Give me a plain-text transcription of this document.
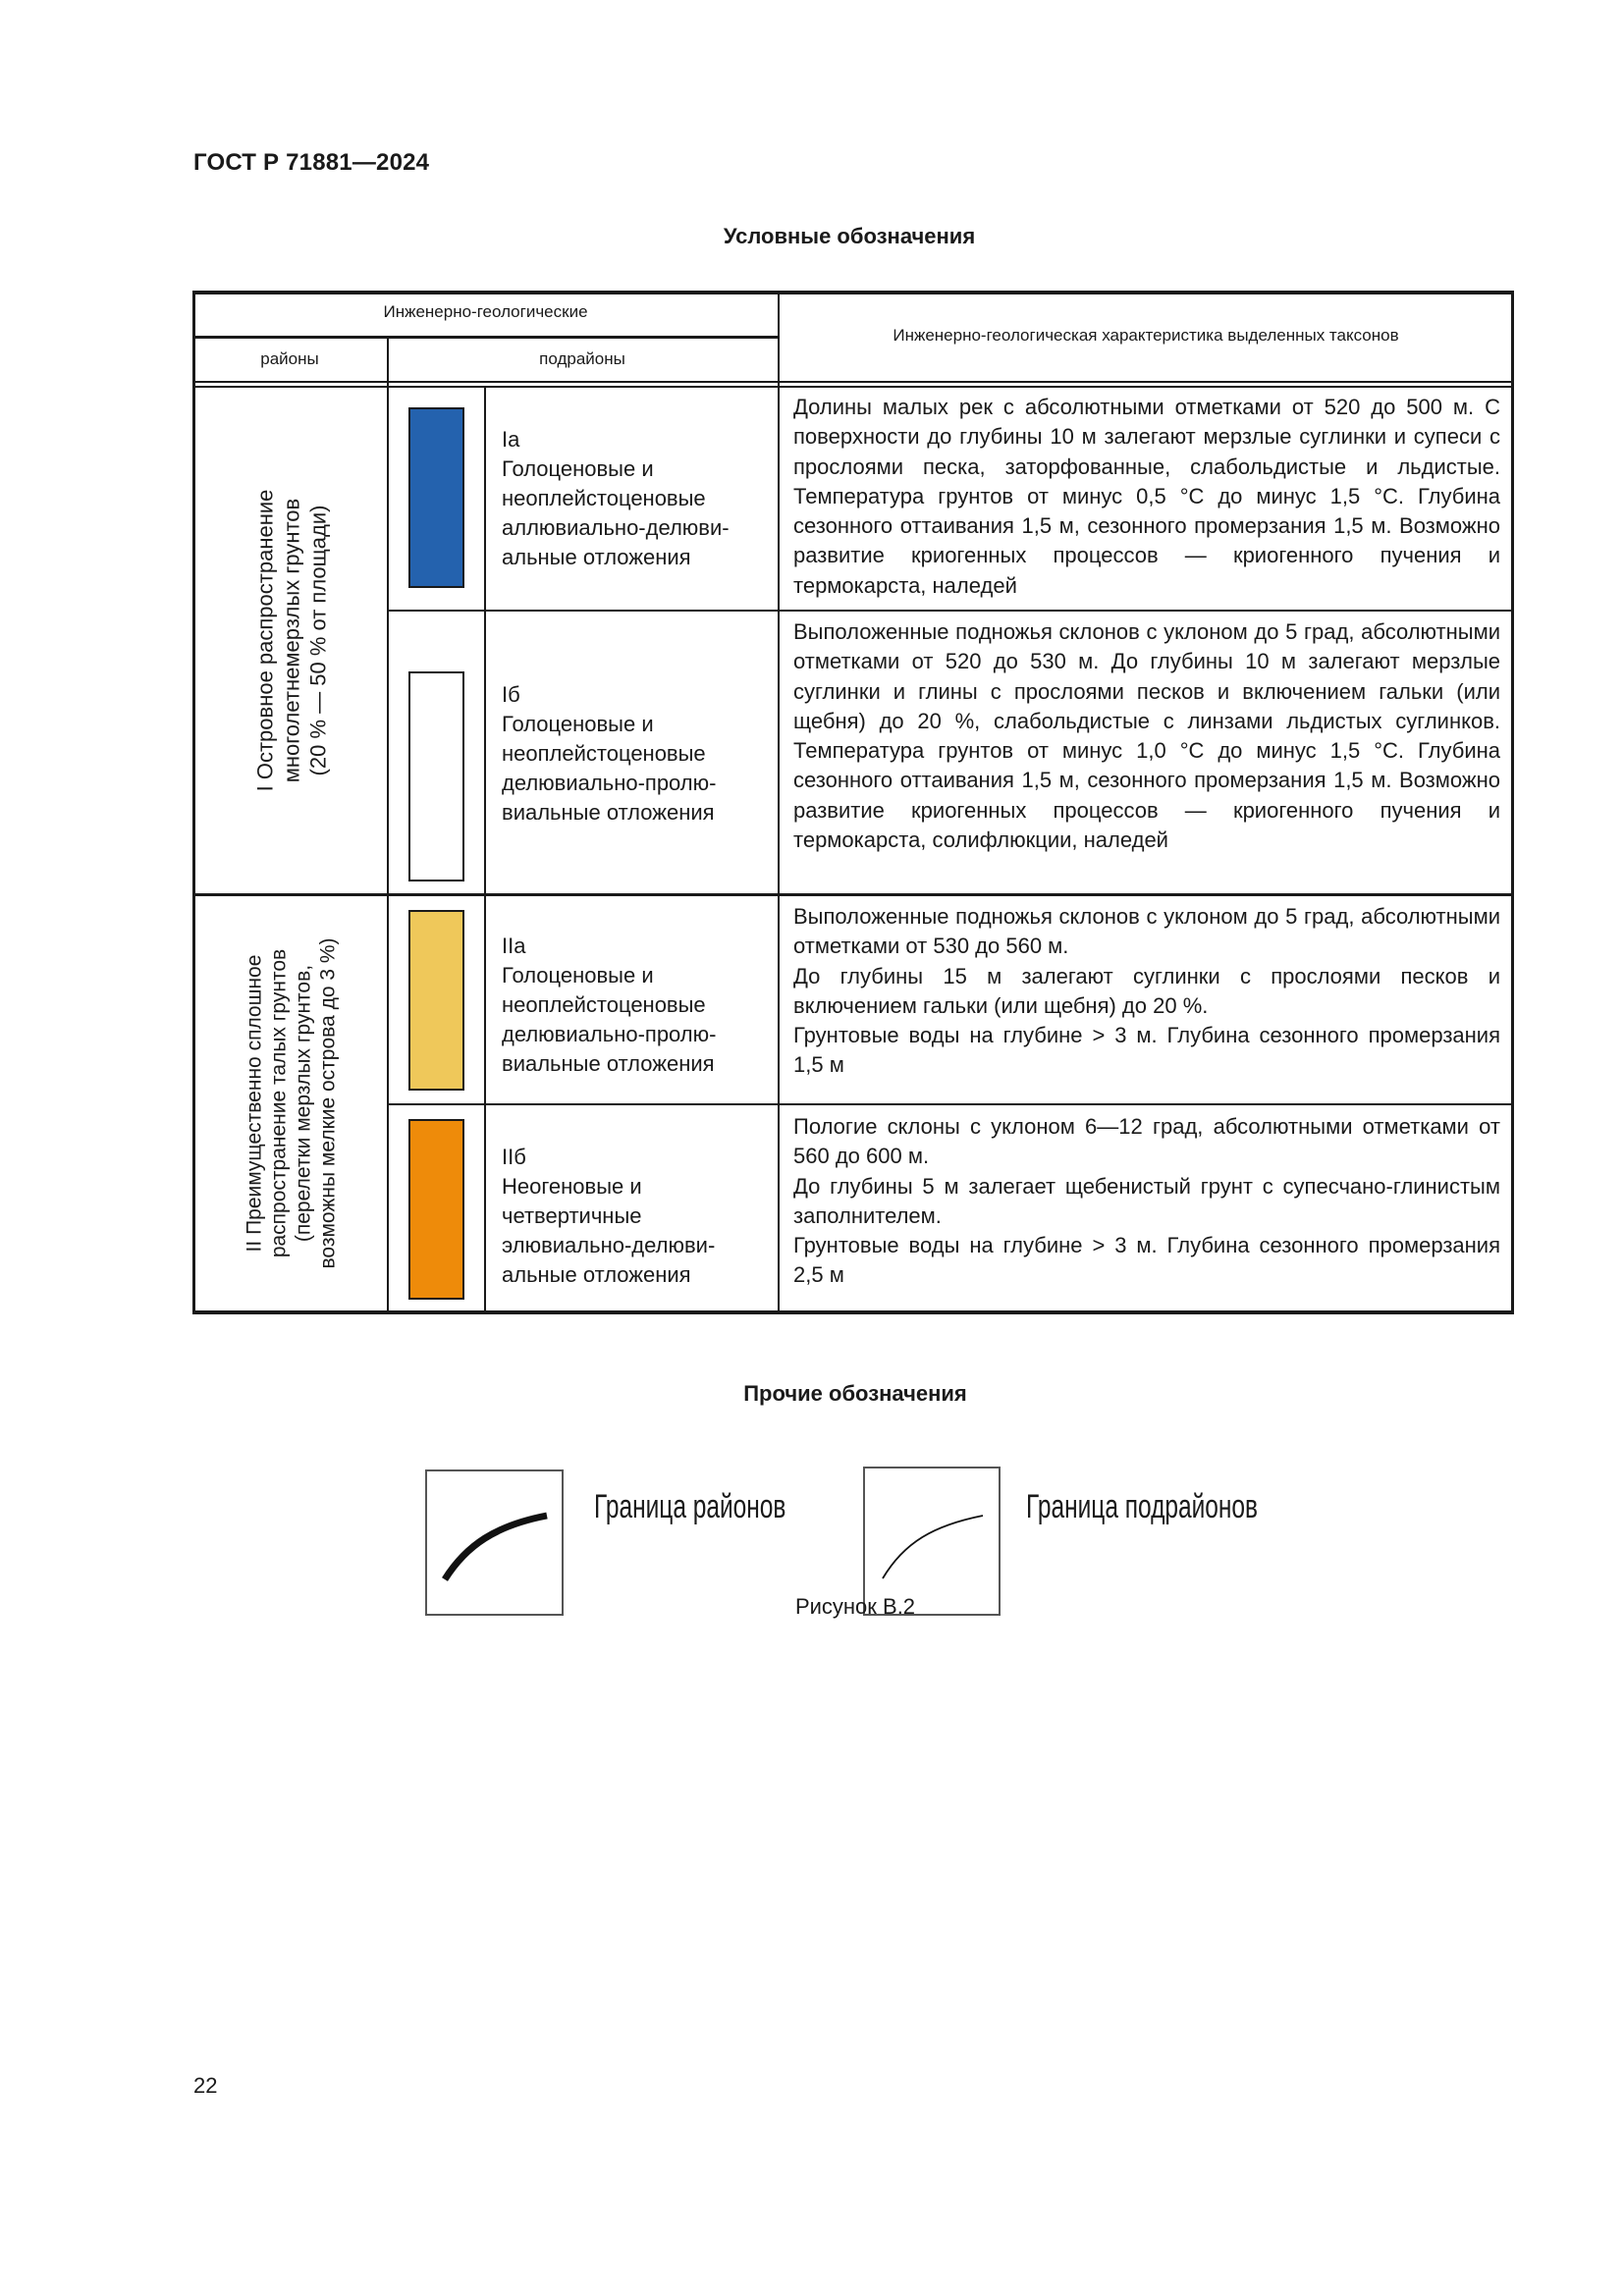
ГОСТ Р 71881—2024
Условные обозначения
Инженерно-геологические
районы	подрайоны
Инженерно-геологическая характеристика выделенных таксонов
I Островное распространение многолетнемерзлых грунтов (20 % — 50 % от площади)
II Преимущественно сплошное распространение талых грунтов (перелетки мерзлых грунтов, возможны мелкие острова до 3 %)
Iа
Голоценовые и
неоплейстоценовые
аллювиально-делюви-
альные отложения

Долины малых рек с абсолютными отметками от 520 до 500 м. С поверхности до глубины 10 м залегают мерзлые суглинки и супеси с прослоями песка, заторфованные, слабольдистые и льдистые. Температура грунтов от минус 0,5 °С до минус 1,5 °С. Глубина сезонного оттаивания 1,5 м, сезонного промерзания 1,5 м. Возможно развитие криогенных процессов — криогенного пучения и термокарста, наледей

Iб
Голоценовые и
неоплейстоценовые
делювиально-пролю-
виальные отложения

Выположенные подножья склонов с уклоном до 5 град, абсолютными отметками от 520 до 530 м. До глубины 10 м залегают мерзлые суглинки и глины с прослоями песков и включением гальки (или щебня) до 20 %, слабольдистые с линзами льдистых суглинков. Температура грунтов от минус 1,0 °С до минус 1,5 °С. Глубина сезонного оттаивания 1,5 м, сезонного промерзания 1,5 м. Возможно развитие криогенных процессов — криогенного пучения и термокарста, солифлюкции, наледей

IIа
Голоценовые и
неоплейстоценовые
делювиально-пролю-
виальные отложения

Выположенные подножья склонов с уклоном до 5 град, абсолютными отметками от 530 до 560 м.

До глубины 15 м залегают суглинки с прослоями песков и включением гальки (или щебня) до 20 %.

Грунтовые воды на глубине > 3 м. Глубина сезонного промерзания 1,5 м

IIб
Неогеновые и
четвертичные
элювиально-делюви-
альные отложения

Пологие склоны с уклоном 6—12 град, абсолютными отметками от 560 до 600 м.

До глубины 5 м залегает щебенистый грунт с супесчано-глинистым заполнителем.

Грунтовые воды на глубине > 3 м. Глубина сезонного промерзания 2,5 м

Прочие обозначения
Граница районов	Граница подрайонов
Рисунок В.2
22
